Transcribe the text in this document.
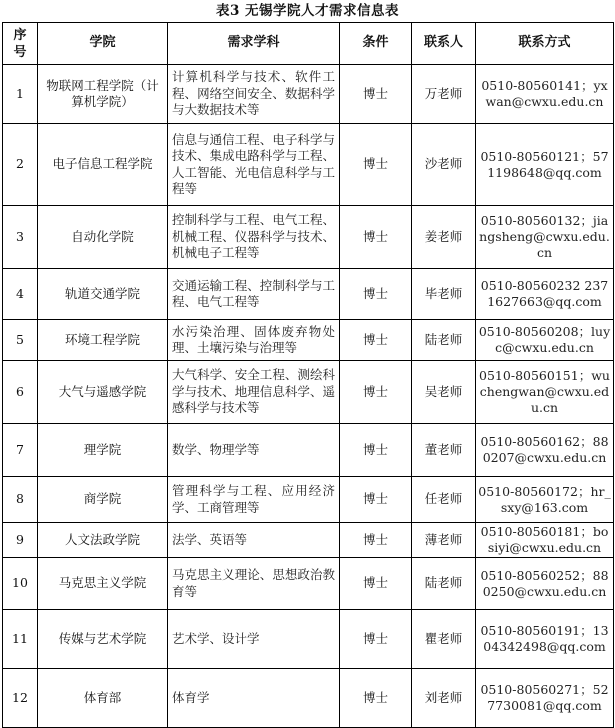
表3 无锡学院人才需求信息表
序号	学院	需求学科	条件	联系人	联系方式
1	物联网工程学院（计算机学院）	计算机科学与技术、软件工程、网络空间安全、数据科学与大数据技术等	博士	万老师	0510-80560141；yxwan@cwxu.edu.cn
2	电子信息工程学院	信息与通信工程、电子科学与技术、集成电路科学与工程、人工智能、光电信息科学与工程等	博士	沙老师	0510-80560121；571198648@qq.com
3	自动化学院	控制科学与工程、电气工程、机械工程、仪器科学与技术、机械电子工程等	博士	姜老师	0510-80560132；jiangsheng@cwxu.edu.cn
4	轨道交通学院	交通运输工程、控制科学与工程、电气工程等	博士	毕老师	0510-80560232 2371627663@qq.com
5	环境工程学院	水污染治理、固体废弃物处理、土壤污染与治理等	博士	陆老师	0510-80560208；luyc@cwxu.edu.cn
6	大气与遥感学院	大气科学、安全工程、测绘科学与技术、地理信息科学、遥感科学与技术等	博士	吴老师	0510-80560151；wuchengwan@cwxu.edu.cn
7	理学院	数学、物理学等	博士	董老师	0510-80560162；880207@cwxu.edu.cn
8	商学院	管理科学与工程、应用经济学、工商管理等	博士	任老师	0510-80560172；hr_sxy@163.com
9	人文法政学院	法学、英语等	博士	薄老师	0510-80560181；bosiyi@cwxu.edu.cn
10	马克思主义学院	马克思主义理论、思想政治教育等	博士	陆老师	0510-80560252；880250@cwxu.edu.cn
11	传媒与艺术学院	艺术学、设计学	博士	瞿老师	0510-80560191；1304342498@qq.com
12	体育部	体育学	博士	刘老师	0510-80560271；527730081@qq.com
